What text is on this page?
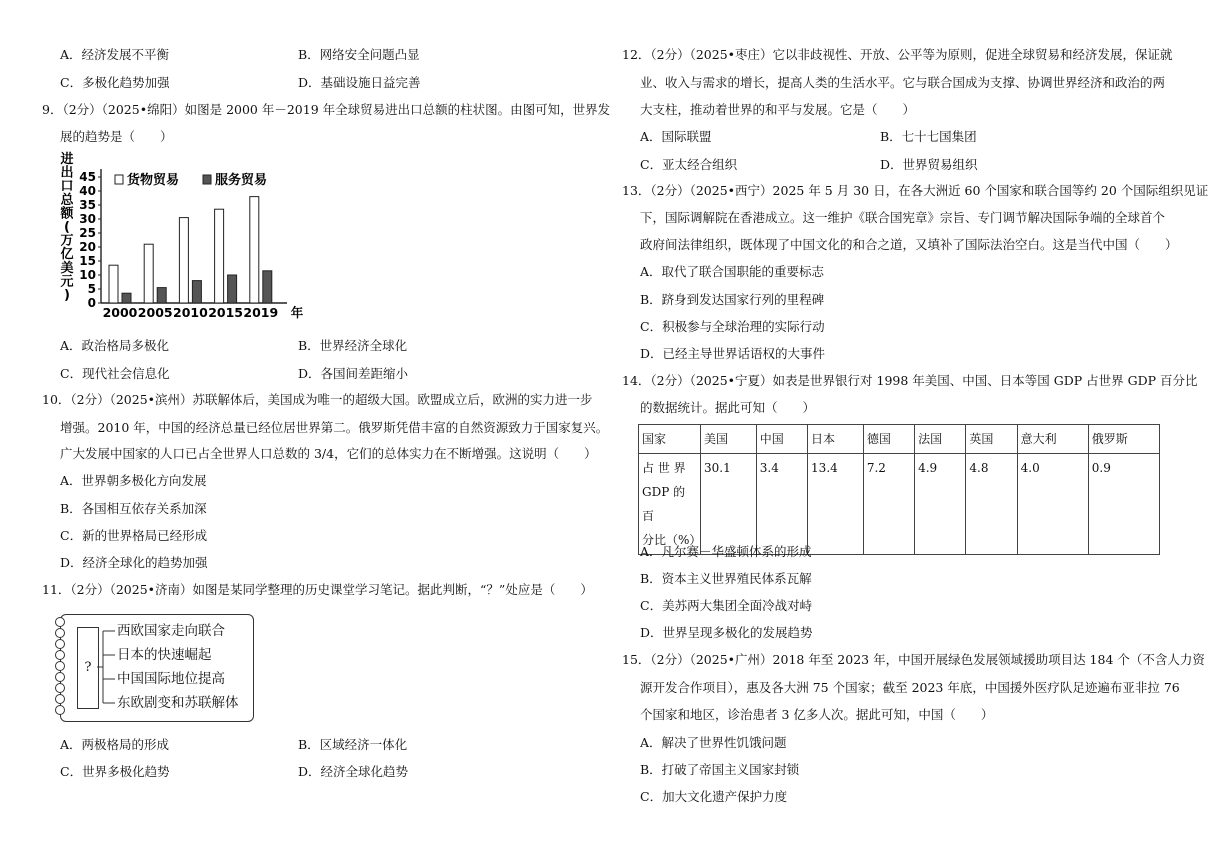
A．经济发展不平衡	B．网络安全问题凸显
C．多极化趋势加强	D．基础设施日益完善
9．（2分）（2025•绵阳）如图是 2000 年－2019 年全球贸易进出口总额的柱状图。由图可知，世界发
展的趋势是（　　）
进
出
口
总
额
(
万
亿
美
元
) 0
5
10
15
20
25
30
35
40
45 货物贸易	服务贸易
2000 2005 2010 2015 2019 年
A．政治格局多极化	B．世界经济全球化
C．现代社会信息化	D．各国间差距缩小
10．（2分）（2025•滨州）苏联解体后，美国成为唯一的超级大国。欧盟成立后，欧洲的实力进一步
增强。2010 年，中国的经济总量已经位居世界第二。俄罗斯凭借丰富的自然资源致力于国家复兴。
广大发展中国家的人口已占全世界人口总数的 3/4，它们的总体实力在不断增强。这说明（　　）
A．世界朝多极化方向发展
B．各国相互依存关系加深
C．新的世界格局已经形成
D．经济全球化的趋势加强
11．（2分）（2025•济南）如图是某同学整理的历史课堂学习笔记。据此判断，“？”处应是（　　）
?
西欧国家走向联合
日本的快速崛起
中国国际地位提高
东欧剧变和苏联解体
A．两极格局的形成	B．区域经济一体化
C．世界多极化趋势	D．经济全球化趋势
12．（2分）（2025•枣庄）它以非歧视性、开放、公平等为原则，促进全球贸易和经济发展，保证就
业、收入与需求的增长，提高人类的生活水平。它与联合国成为支撑、协调世界经济和政治的两
大支柱，推动着世界的和平与发展。它是（　　）
A．国际联盟	B．七十七国集团
C．亚太经合组织	D．世界贸易组织
13．（2分）（2025•西宁）2025 年 5 月 30 日，在各大洲近 60 个国家和联合国等约 20 个国际组织见证
下，国际调解院在香港成立。这一维护《联合国宪章》宗旨、专门调节解决国际争端的全球首个
政府间法律组织，既体现了中国文化的和合之道，又填补了国际法治空白。这是当代中国（　　）
A．取代了联合国职能的重要标志
B．跻身到发达国家行列的里程碑
C．积极参与全球治理的实际行动
D．已经主导世界话语权的大事件
14．（2分）（2025•宁夏）如表是世界银行对 1998 年美国、中国、日本等国 GDP 占世界 GDP 百分比
的数据统计。据此可知（　　）
国家	美国	中国	日本	德国	法国	英国	意大利	俄罗斯

占 世 界
GDP 的 百
分比（%）	30.1	3.4	13.4	7.2	4.9	4.8	4.0	0.9
A．凡尔赛－华盛顿体系的形成
B．资本主义世界殖民体系瓦解
C．美苏两大集团全面冷战对峙
D．世界呈现多极化的发展趋势
15．（2分）（2025•广州）2018 年至 2023 年，中国开展绿色发展领域援助项目达 184 个（不含人力资
源开发合作项目），惠及各大洲 75 个国家；截至 2023 年底，中国援外医疗队足迹遍布亚非拉 76
个国家和地区，诊治患者 3 亿多人次。据此可知，中国（　　）
A．解决了世界性饥饿问题
B．打破了帝国主义国家封锁
C．加大文化遗产保护力度
